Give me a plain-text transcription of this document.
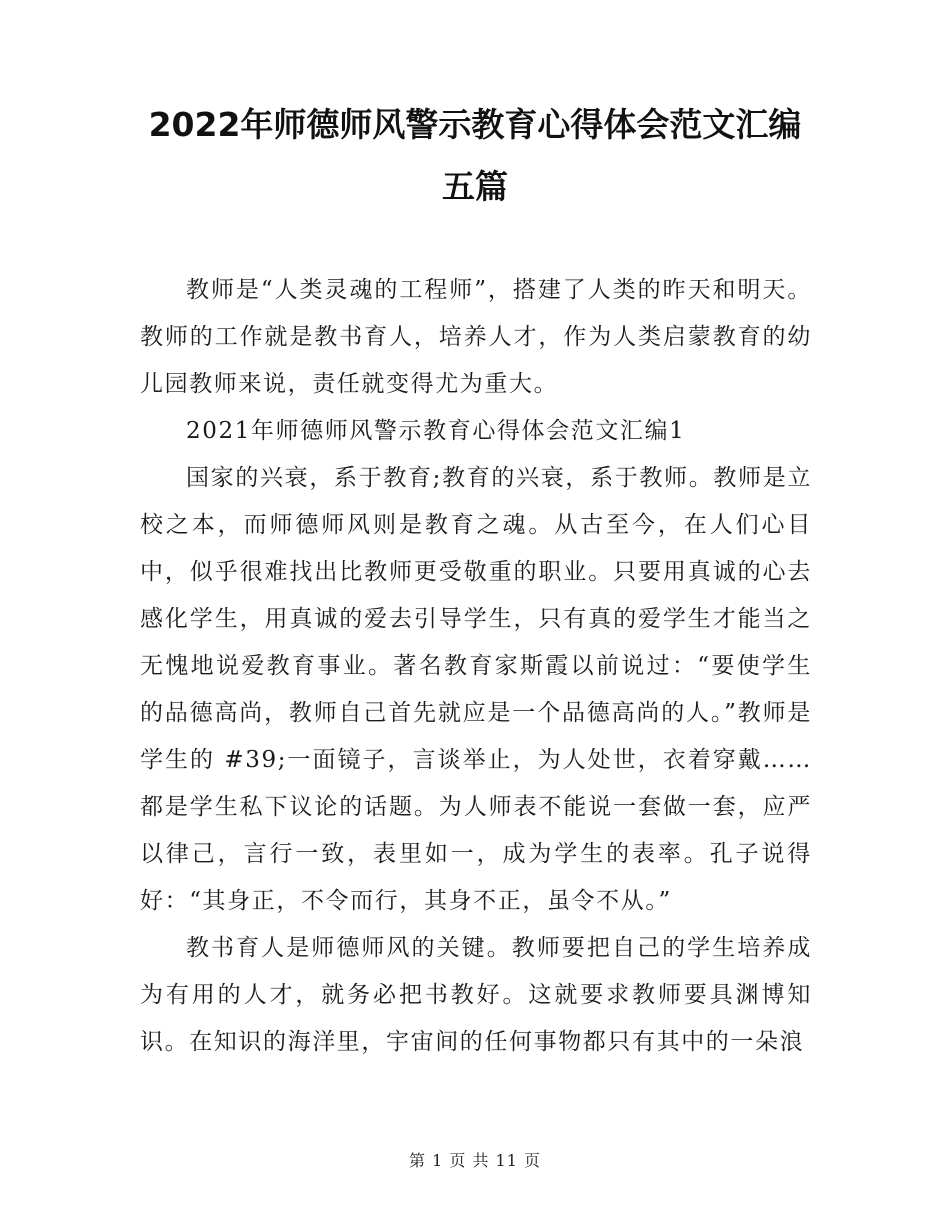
2022年师德师风警示教育心得体会范文汇编
五篇

教师是“人类灵魂的工程师”，搭建了人类的昨天和明天。教师的工作就是教书育人，培养人才，作为人类启蒙教育的幼儿园教师来说，责任就变得尤为重大。

2021年师德师风警示教育心得体会范文汇编1

国家的兴衰，系于教育;教育的兴衰，系于教师。教师是立校之本，而师德师风则是教育之魂。从古至今，在人们心目中，似乎很难找出比教师更受敬重的职业。只要用真诚的心去感化学生，用真诚的爱去引导学生，只有真的爱学生才能当之无愧地说爱教育事业。著名教育家斯霞以前说过：“要使学生的品德高尚，教师自己首先就应是一个品德高尚的人。”教师是学生的 #39;一面镜子，言谈举止，为人处世，衣着穿戴……都是学生私下议论的话题。为人师表不能说一套做一套，应严以律己，言行一致，表里如一，成为学生的表率。孔子说得好：“其身正，不令而行，其身不正，虽令不从。”

教书育人是师德师风的关键。教师要把自己的学生培养成为有用的人才，就务必把书教好。这就要求教师要具渊博知识。在知识的海洋里，宇宙间的任何事物都只有其中的一朵浪

第 1 页 共 11 页
